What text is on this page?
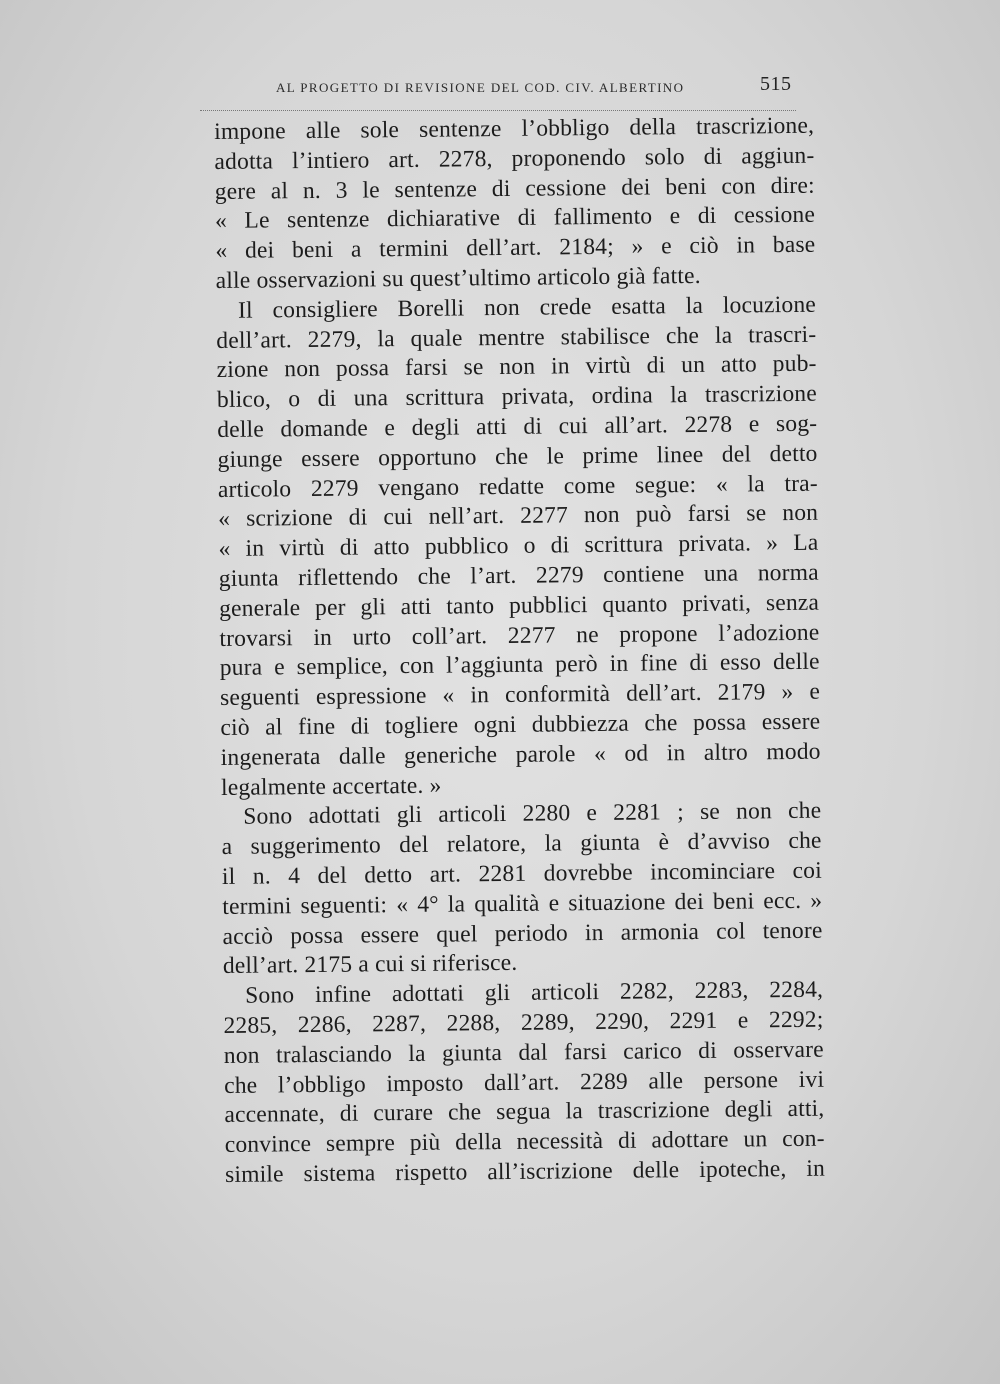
AL PROGETTO DI REVISIONE DEL COD. CIV. ALBERTINO	515
impone alle sole sentenze l’obbligo della trascrizione,
adotta l’intiero art. 2278, proponendo solo di aggiun-
gere al n. 3 le sentenze di cessione dei beni con dire:
« Le sentenze dichiarative di fallimento e di cessione
« dei beni a termini dell’art. 2184; » e ciò in base
alle osservazioni su quest’ultimo articolo già fatte.
Il consigliere Borelli non crede esatta la locuzione
dell’art. 2279, la quale mentre stabilisce che la trascri-
zione non possa farsi se non in virtù di un atto pub-
blico, o di una scrittura privata, ordina la trascrizione
delle domande e degli atti di cui all’art. 2278 e sog-
giunge essere opportuno che le prime linee del detto
articolo 2279 vengano redatte come segue: « la tra-
« scrizione di cui nell’art. 2277 non può farsi se non
« in virtù di atto pubblico o di scrittura privata. » La
giunta riflettendo che l’art. 2279 contiene una norma
generale per gli atti tanto pubblici quanto privati, senza
trovarsi in urto coll’art. 2277 ne propone l’adozione
pura e semplice, con l’aggiunta però in fine di esso delle
seguenti espressione « in conformità dell’art. 2179 » e
ciò al fine di togliere ogni dubbiezza che possa essere
ingenerata dalle generiche parole « od in altro modo
legalmente accertate. »
Sono adottati gli articoli 2280 e 2281 ; se non che
a suggerimento del relatore, la giunta è d’avviso che
il n. 4 del detto art. 2281 dovrebbe incominciare coi
termini seguenti: « 4° la qualità e situazione dei beni ecc. »
acciò possa essere quel periodo in armonia col tenore
dell’art. 2175 a cui si riferisce.
Sono infine adottati gli articoli 2282, 2283, 2284,
2285, 2286, 2287, 2288, 2289, 2290, 2291 e 2292;
non tralasciando la giunta dal farsi carico di osservare
che l’obbligo imposto dall’art. 2289 alle persone ivi
accennate, di curare che segua la trascrizione degli atti,
convince sempre più della necessità di adottare un con-
simile sistema rispetto all’iscrizione delle ipoteche, in
